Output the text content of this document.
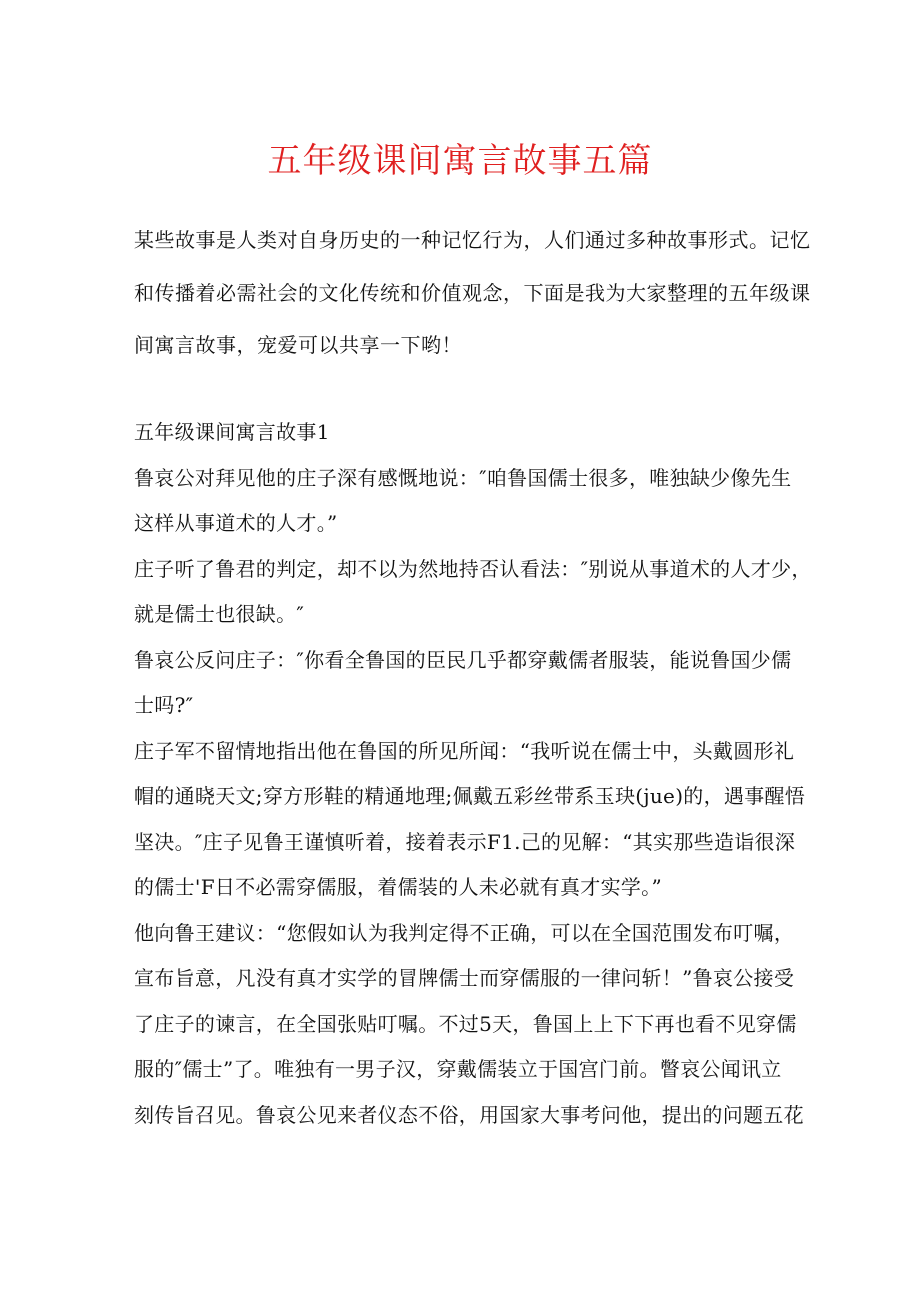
五年级课间寓言故事五篇
某些故事是人类对自身历史的一种记忆行为，人们通过多种故事形式。记忆
和传播着必需社会的文化传统和价值观念，下面是我为大家整理的五年级课
间寓言故事，宠爱可以共享一下哟！

五年级课间寓言故事1

鲁哀公对拜见他的庄子深有感慨地说：″咱鲁国儒士很多，唯独缺少像先生
这样从事道术的人才。”

庄子听了鲁君的判定，却不以为然地持否认看法：″别说从事道术的人才少，
就是儒士也很缺。″

鲁哀公反问庄子：″你看全鲁国的臣民几乎都穿戴儒者服装，能说鲁国少儒
士吗?″

庄子军不留情地指出他在鲁国的所见所闻：“我听说在儒士中，头戴圆形礼
帽的通晓天文;穿方形鞋的精通地理;佩戴五彩丝带系玉玦(jue)的，遇事醒悟
坚决。″庄子见鲁王谨慎听着，接着表示F1.己的见解：“其实那些造诣很深
的儒士'F日不必需穿儒服，着儒装的人未必就有真才实学。”

他向鲁王建议：“您假如认为我判定得不正确，可以在全国范围发布叮嘱，
宣布旨意，凡没有真才实学的冒牌儒士而穿儒服的一律问斩！”鲁哀公接受
了庄子的谏言，在全国张贴叮嘱。不过5天，鲁国上上下下再也看不见穿儒
服的″儒士”了。唯独有一男子汉，穿戴儒装立于国宫门前。瞥哀公闻讯立
刻传旨召见。鲁哀公见来者仪态不俗，用国家大事考问他，提出的问题五花
